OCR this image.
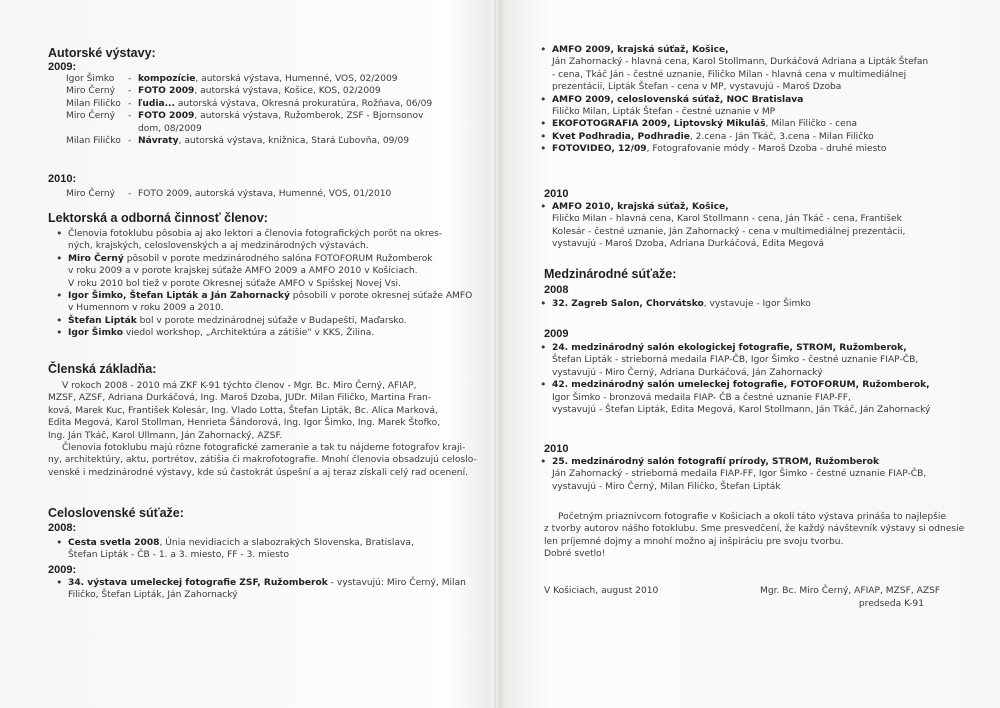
Autorské výstavy:
2009:
Igor Šimko	-	kompozície, autorská výstava, Humenné, VOS, 02/2009
Miro Černý	-	FOTO 2009, autorská výstava, Košice, KOS, 02/2009
Milan Filičko	-	ľudia... autorská výstava, Okresná prokuratúra, Rožňava, 06/09
Miro Černý	-	FOTO 2009, autorská výstava, Ružomberok, ZSF - Bjornsonov
dom, 08/2009
Milan Filičko	-	Návraty, autorská výstava, knižnica, Stará Ľubovňa, 09/09
2010:
Miro Černý	-	FOTO 2009, autorská výstava, Humenné, VOS, 01/2010
Lektorská a odborná činnosť členov:
• Členovia fotoklubu pôsobia aj ako lektori a členovia fotografických porôt na okres-

ných, krajských, celoslovenských a aj medzinárodných výstavách.
• Miro Černý pôsobil v porote medzinárodného salóna FOTOFORUM Ružomberok

v roku 2009 a v porote krajskej súťaže AMFO 2009 a AMFO 2010 v Košiciach.
V roku 2010 bol tiež v porote Okresnej súťaže AMFO v Spišskej Novej Vsi.
• Igor Šimko, Štefan Lipták a Ján Zahornacký pôsobili v porote okresnej súťaže AMFO

v Humennom v roku 2009 a 2010.
• Štefan Lipták bol v porote medzinárodnej súťaže v Budapešti, Maďarsko.

• Igor Šimko viedol workshop, „Architektúra a zátišie" v KKS, Žilina.

Členská základňa:
V rokoch 2008 - 2010 má ZKF K-91 týchto členov - Mgr. Bc. Miro Černý, AFIAP,
MZSF, AZSF, Adriana Durkáčová, Ing. Maroš Dzoba, JUDr. Milan Filičko, Martina Fran-
ková, Marek Kuc, František Kolesár, Ing. Vlado Lotta, Štefan Lipták, Bc. Alica Marková,
Edita Megová, Karol Stollman, Henrieta Šándorová, Ing. Igor Šimko, Ing. Marek Štofko,
Ing. Ján Tkáč, Karol Ullmann, Ján Zahornacký, AZSF.
Členovia fotoklubu majú rôzne fotografické zameranie a tak tu nájdeme fotografov kraji-
ny, architektúry, aktu, portrétov, zátišia či makrofotografie. Mnohí členovia obsadzujú celoslo-
venské i medzinárodné výstavy, kde sú častokrát úspešní a aj teraz získali celý rad ocenení.
Celoslovenské súťaže:
2008:
• Cesta svetla 2008, Únia nevidiacich a slabozrakých Slovenska, Bratislava,

Štefan Lipták - ČB - 1. a 3. miesto, FF - 3. miesto
2009:
• 34. výstava umeleckej fotografie ZSF, Ružomberok - vystavujú: Miro Černý, Milan

Filičko, Štefan Lipták, Ján Zahornacký
• AMFO 2009, krajská súťaž, Košice,

Ján Zahornacký - hlavná cena, Karol Stollmann, Durkáčová Adriana a Lipták Štefan
- cena, Tkáč Ján - čestné uznanie, Filičko Milan - hlavná cena v multimediálnej
prezentácii, Lipták Štefan - cena v MP, vystavujú - Maroš Dzoba
• AMFO 2009, celoslovenská súťaž, NOC Bratislava

Filičko Milan, Lipták Štefan - čestné uznanie v MP
• EKOFOTOGRAFIA 2009, Liptovský Mikuláš, Milan Filičko - cena

• Kvet Podhradia, Podhradie, 2.cena - Ján Tkáč, 3.cena - Milan Filičko

• FOTOVIDEO, 12/09, Fotografovanie módy - Maroš Dzoba - druhé miesto

2010
• AMFO 2010, krajská súťaž, Košice,

Filičko Milan - hlavná cena, Karol Stollmann - cena, Ján Tkáč - cena, František
Kolesár - čestné uznanie, Ján Zahornacký - cena v multimediálnej prezentácii,
vystavujú - Maroš Dzoba, Adriana Durkáčová, Edita Megová
Medzinárodné súťaže:
2008
• 32. Zagreb Salon, Chorvátsko, vystavuje - Igor Šimko

2009
• 24. medzinárodný salón ekologickej fotografie, STROM, Ružomberok,

Štefan Lipták - strieborná medaila FIAP-ČB, Igor Šimko - čestné uznanie FIAP-ČB,
vystavujú - Miro Černý, Adriana Durkáčová, Ján Zahornacký
• 42. medzinárodný salón umeleckej fotografie, FOTOFORUM, Ružomberok,

Igor Šimko - bronzová medaila FIAP- ČB a čestné uznanie FIAP-FF,
vystavujú - Štefan Lipták, Edita Megová, Karol Stollmann, Ján Tkáč, Ján Zahornacký
2010
• 25. medzinárodný salón fotografií prírody, STROM, Ružomberok

Ján Zahornacký - strieborná medaila FIAP-FF, Igor Šimko - čestné uznanie FIAP-ČB,
vystavujú - Miro Černý, Milan Filičko, Štefan Lipták
Početným priaznivcom fotografie v Košiciach a okolí táto výstava prináša to najlepšie
z tvorby autorov nášho fotoklubu. Sme presvedčení, že každý návštevník výstavy si odnesie
len príjemné dojmy a mnohí možno aj inšpiráciu pre svoju tvorbu.
Dobré svetlo!
V Košiciach, august 2010	Mgr. Bc. Miro Černý, AFIAP, MZSF, AZSF
predseda K-91
